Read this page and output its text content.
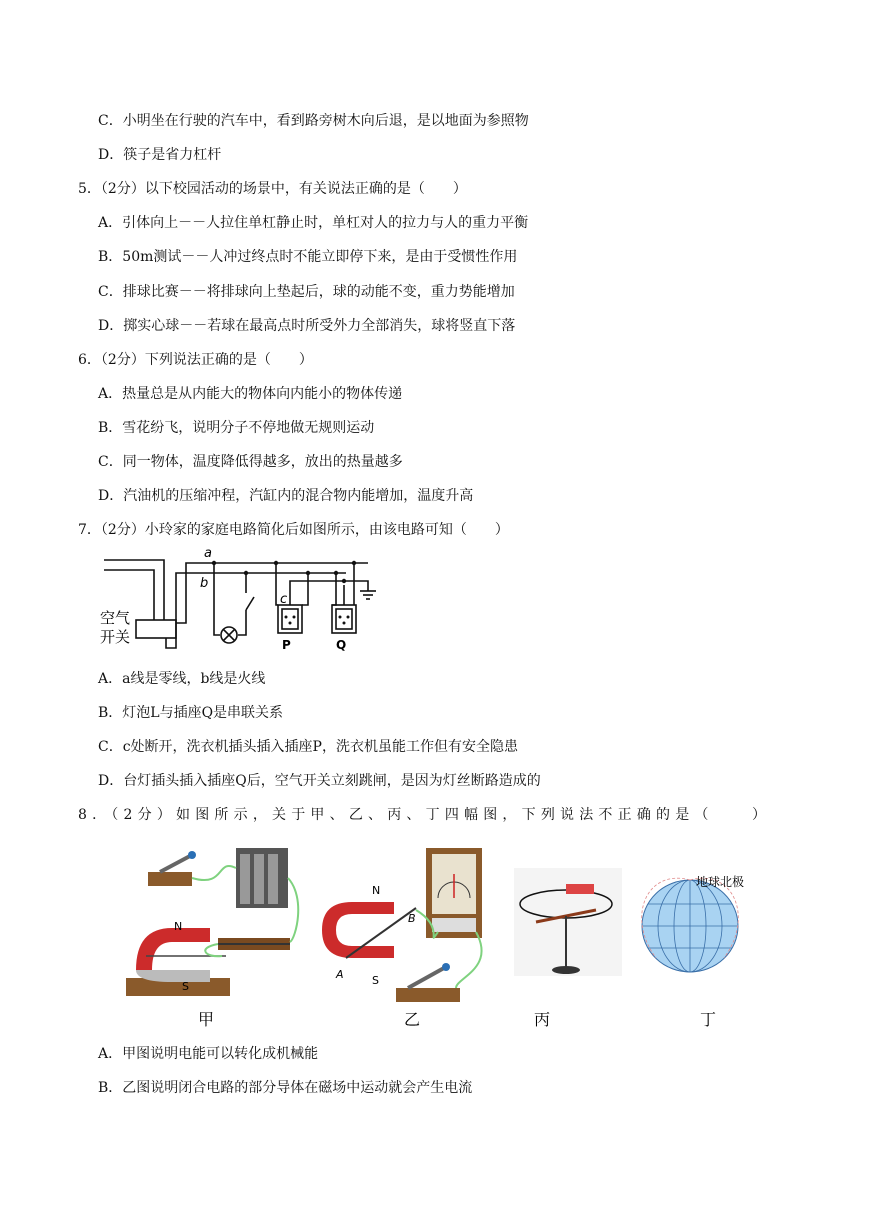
C．小明坐在行驶的汽车中，看到路旁树木向后退，是以地面为参照物
D．筷子是省力杠杆
5．（2分）以下校园活动的场景中，有关说法正确的是（　　）
A．引体向上－－人拉住单杠静止时，单杠对人的拉力与人的重力平衡
B．50m测试－－人冲过终点时不能立即停下来，是由于受惯性作用
C．排球比赛－－将排球向上垫起后，球的动能不变，重力势能增加
D．掷实心球－－若球在最高点时所受外力全部消失，球将竖直下落
6．（2分）下列说法正确的是（　　）
A．热量总是从内能大的物体向内能小的物体传递
B．雪花纷飞，说明分子不停地做无规则运动
C．同一物体，温度降低得越多，放出的热量越多
D．汽油机的压缩冲程，汽缸内的混合物内能增加，温度升高
7．（2分）小玲家的家庭电路简化后如图所示，由该电路可知（　　）
a
b
c
P	Q
空气
开关
A．a线是零线，b线是火线
B．灯泡L与插座Q是串联关系
C．c处断开，洗衣机插头插入插座P，洗衣机虽能工作但有安全隐患
D．台灯插头插入插座Q后，空气开关立刻跳闸，是因为灯丝断路造成的
8．（2分）如图所示，关于甲、乙、丙、丁四幅图，下列说法不正确的是（　　）
N
S
N
S
A
B
地球北极
甲	乙	丙	丁
A．甲图说明电能可以转化成机械能
B．乙图说明闭合电路的部分导体在磁场中运动就会产生电流
